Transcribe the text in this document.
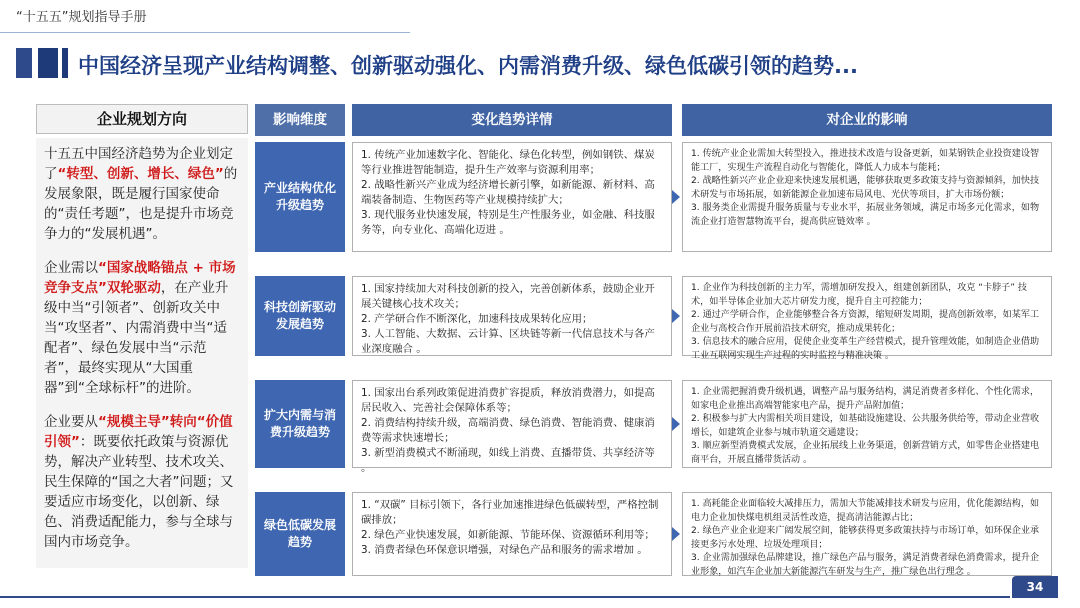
“十五五”规划指导手册
中国经济呈现产业结构调整、创新驱动强化、内需消费升级、绿色低碳引领的趋势...
企业规划方向

十五五中国经济趋势为企业划定了“转型、创新、增长、绿色”的发展象限，既是履行国家使命的“责任考题”，也是提升市场竞争力的“发展机遇”。

企业需以“国家战略锚点 + 市场竞争支点”双轮驱动，在产业升级中当“引领者”、创新攻关中当“攻坚者”、内需消费中当“适配者”、绿色发展中当“示范者”，最终实现从“大国重器”到“全球标杆”的进阶。

企业要从“规模主导”转向“价值引领”：既要依托政策与资源优势，解决产业转型、技术攻关、民生保障的“国之大者”问题；又要适应市场变化，以创新、绿色、消费适配能力，参与全球与国内市场竞争。

影响维度	变化趋势详情	对企业的影响
产业结构优化
升级趋势
1. 传统产业加速数字化、智能化、绿色化转型，例如钢铁、煤炭等行业推进智能制造，提升生产效率与资源利用率；
2. 战略性新兴产业成为经济增长新引擎，如新能源、新材料、高端装备制造、生物医药等产业规模持续扩大；
3. 现代服务业快速发展，特别是生产性服务业，如金融、科技服务等，向专业化、高端化迈进 。
1. 传统产业企业需加大转型投入，推进技术改造与设备更新，如某钢铁企业投资建设智能工厂，实现生产流程自动化与智能化，降低人力成本与能耗；
2. 战略性新兴产业企业迎来快速发展机遇，能够获取更多政策支持与资源倾斜，加快技术研发与市场拓展，如新能源企业加速布局风电、光伏等项目，扩大市场份额；
3. 服务类企业需提升服务质量与专业水平，拓展业务领域，满足市场多元化需求，如物流企业打造智慧物流平台，提高供应链效率 。
科技创新驱动
发展趋势
1. 国家持续加大对科技创新的投入，完善创新体系，鼓励企业开展关键核心技术攻关；
2. 产学研合作不断深化，加速科技成果转化应用；
3. 人工智能、大数据、云计算、区块链等新一代信息技术与各产业深度融合 。
1. 企业作为科技创新的主力军，需增加研发投入，组建创新团队，攻克 “卡脖子” 技术，如半导体企业加大芯片研发力度，提升自主可控能力；
2. 通过产学研合作，企业能够整合各方资源，缩短研发周期，提高创新效率，如某军工企业与高校合作开展前沿技术研究，推动成果转化；
3. 信息技术的融合应用，促使企业变革生产经营模式，提升管理效能，如制造企业借助工业互联网实现生产过程的实时监控与精准决策 。
扩大内需与消
费升级趋势
1. 国家出台系列政策促进消费扩容提质，释放消费潜力，如提高居民收入、完善社会保障体系等；
2. 消费结构持续升级，高端消费、绿色消费、智能消费、健康消费等需求快速增长；
3. 新型消费模式不断涌现，如线上消费、直播带货、共享经济等 。
1. 企业需把握消费升级机遇，调整产品与服务结构，满足消费者多样化、个性化需求，如家电企业推出高端智能家电产品，提升产品附加值；
2. 积极参与扩大内需相关项目建设，如基础设施建设、公共服务供给等，带动企业营收增长，如建筑企业参与城市轨道交通建设；
3. 顺应新型消费模式发展，企业拓展线上业务渠道，创新营销方式，如零售企业搭建电商平台，开展直播带货活动 。
绿色低碳发展
趋势
1. “双碳” 目标引领下，各行业加速推进绿色低碳转型，严格控制碳排放；
2. 绿色产业快速发展，如新能源、节能环保、资源循环利用等；
3. 消费者绿色环保意识增强，对绿色产品和服务的需求增加 。
1. 高耗能企业面临较大减排压力，需加大节能减排技术研发与应用，优化能源结构，如电力企业加快煤电机组灵活性改造，提高清洁能源占比；
2. 绿色产业企业迎来广阔发展空间，能够获得更多政策扶持与市场订单，如环保企业承接更多污水处理、垃圾处理项目；
3. 企业需加强绿色品牌建设，推广绿色产品与服务，满足消费者绿色消费需求，提升企业形象，如汽车企业加大新能源汽车研发与生产，推广绿色出行理念 。
34
